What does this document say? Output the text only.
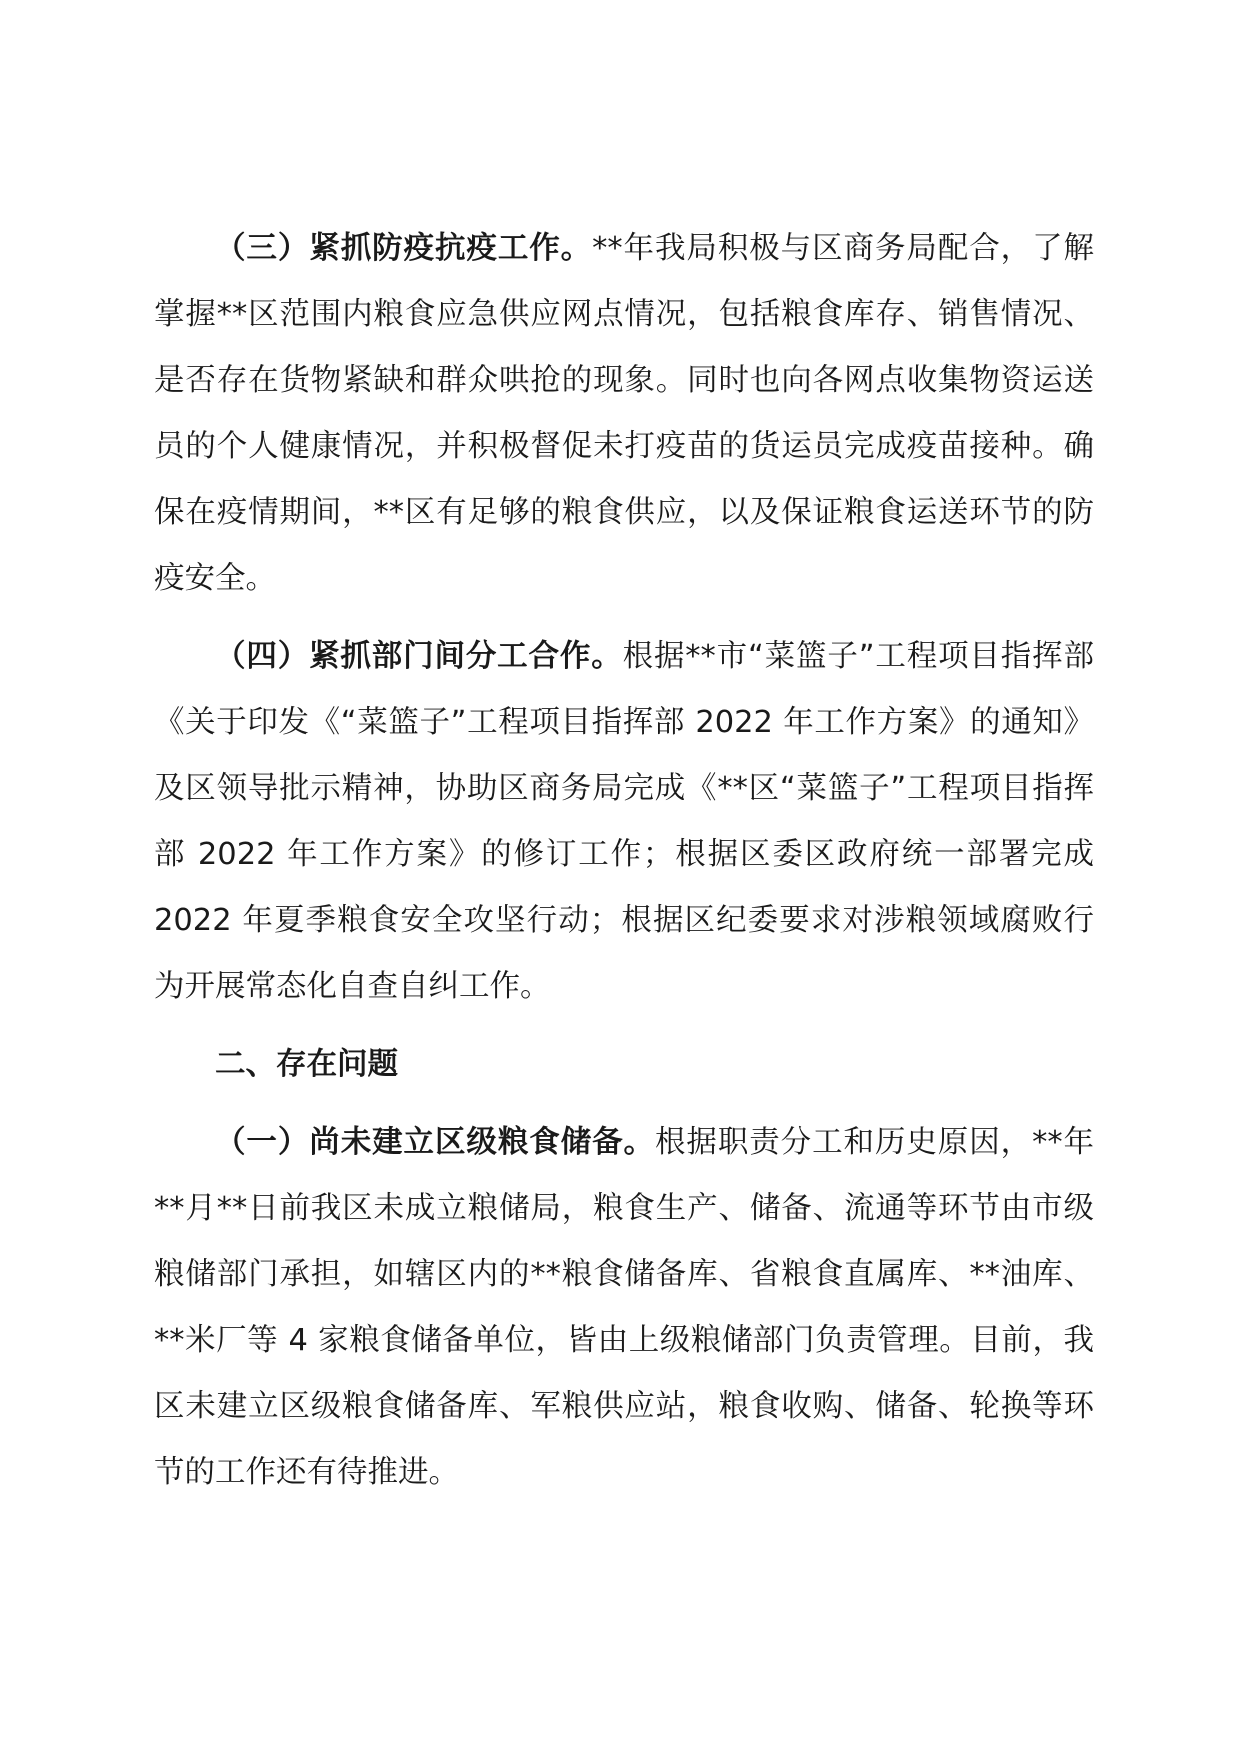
（三）紧抓防疫抗疫工作。**年我局积极与区商务局配合，了解掌握**区范围内粮食应急供应网点情况，包括粮食库存、销售情况、是否存在货物紧缺和群众哄抢的现象。同时也向各网点收集物资运送员的个人健康情况，并积极督促未打疫苗的货运员完成疫苗接种。确保在疫情期间，**区有足够的粮食供应，以及保证粮食运送环节的防疫安全。

（四）紧抓部门间分工合作。根据**市“菜篮子”工程项目指挥部《关于印发《“菜篮子”工程项目指挥部 2022 年工作方案》的通知》及区领导批示精神，协助区商务局完成《**区“菜篮子”工程项目指挥部 2022 年工作方案》的修订工作；根据区委区政府统一部署完成 2022 年夏季粮食安全攻坚行动；根据区纪委要求对涉粮领域腐败行为开展常态化自查自纠工作。

二、存在问题

（一）尚未建立区级粮食储备。根据职责分工和历史原因，**年**月**日前我区未成立粮储局，粮食生产、储备、流通等环节由市级粮储部门承担，如辖区内的**粮食储备库、省粮食直属库、**油库、**米厂等 4 家粮食储备单位，皆由上级粮储部门负责管理。目前，我区未建立区级粮食储备库、军粮供应站，粮食收购、储备、轮换等环节的工作还有待推进。
